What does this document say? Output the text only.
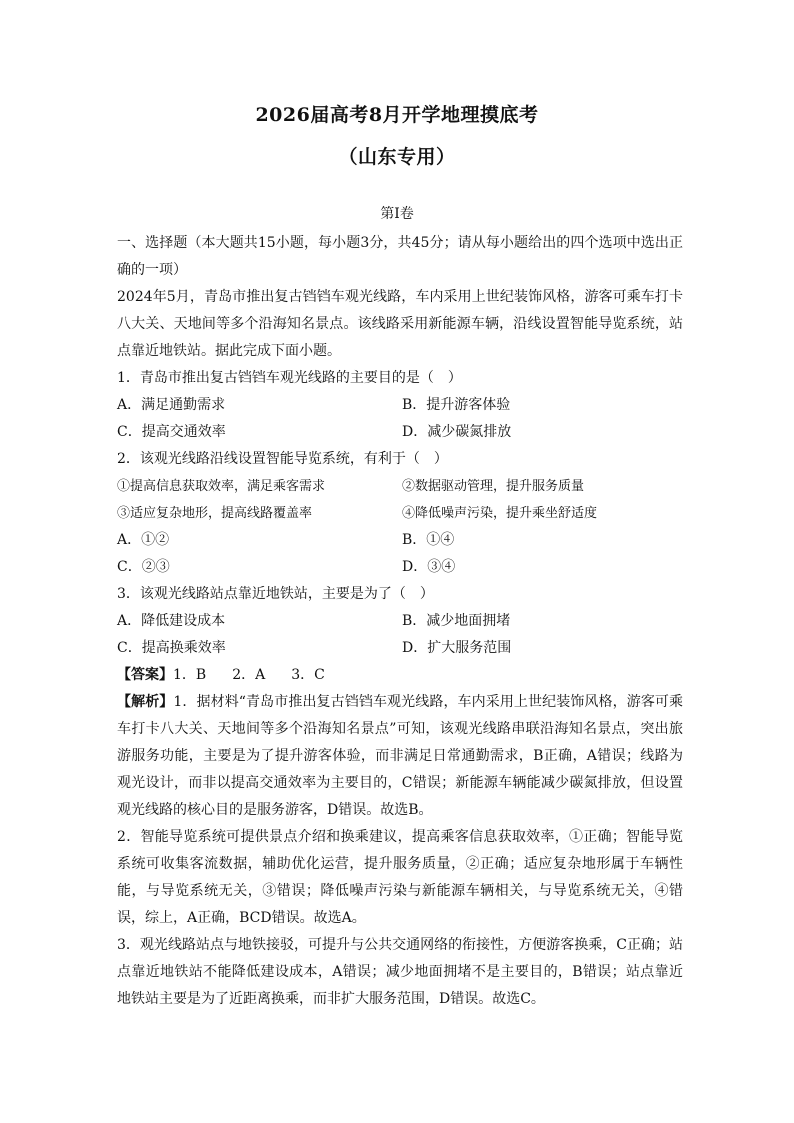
2026届高考8月开学地理摸底考
（山东专用）
第Ⅰ卷

一、选择题（本大题共15小题，每小题3分，共45分；请从每小题给出的四个选项中选出正确的一项）

2024年5月，青岛市推出复古铛铛车观光线路，车内采用上世纪装饰风格，游客可乘车打卡八大关、天地间等多个沿海知名景点。该线路采用新能源车辆，沿线设置智能导览系统，站点靠近地铁站。据此完成下面小题。

1．青岛市推出复古铛铛车观光线路的主要目的是（　）
A．满足通勤需求	B．提升游客体验
C．提高交通效率	D．减少碳氮排放
2．该观光线路沿线设置智能导览系统，有利于（　）
①提高信息获取效率，满足乘客需求	②数据驱动管理，提升服务质量
③适应复杂地形，提高线路覆盖率	④降低噪声污染，提升乘坐舒适度
A．①②	B．①④
C．②③	D．③④
3．该观光线路站点靠近地铁站，主要是为了（　）
A．降低建设成本	B．减少地面拥堵
C．提高换乘效率	D．扩大服务范围
【答案】1．B 2．A 3．C

【解析】1．据材料“青岛市推出复古铛铛车观光线路，车内采用上世纪装饰风格，游客可乘车打卡八大关、天地间等多个沿海知名景点”可知，该观光线路串联沿海知名景点，突出旅游服务功能，主要是为了提升游客体验，而非满足日常通勤需求，B正确，A错误；线路为观光设计，而非以提高交通效率为主要目的，C错误；新能源车辆能减少碳氮排放，但设置观光线路的核心目的是服务游客，D错误。故选B。

2．智能导览系统可提供景点介绍和换乘建议，提高乘客信息获取效率，①正确；智能导览系统可收集客流数据，辅助优化运营，提升服务质量，②正确；适应复杂地形属于车辆性能，与导览系统无关，③错误；降低噪声污染与新能源车辆相关，与导览系统无关，④错误，综上，A正确，BCD错误。故选A。

3．观光线路站点与地铁接驳，可提升与公共交通网络的衔接性，方便游客换乘，C正确；站点靠近地铁站不能降低建设成本，A错误；减少地面拥堵不是主要目的，B错误；站点靠近地铁站主要是为了近距离换乘，而非扩大服务范围，D错误。故选C。
